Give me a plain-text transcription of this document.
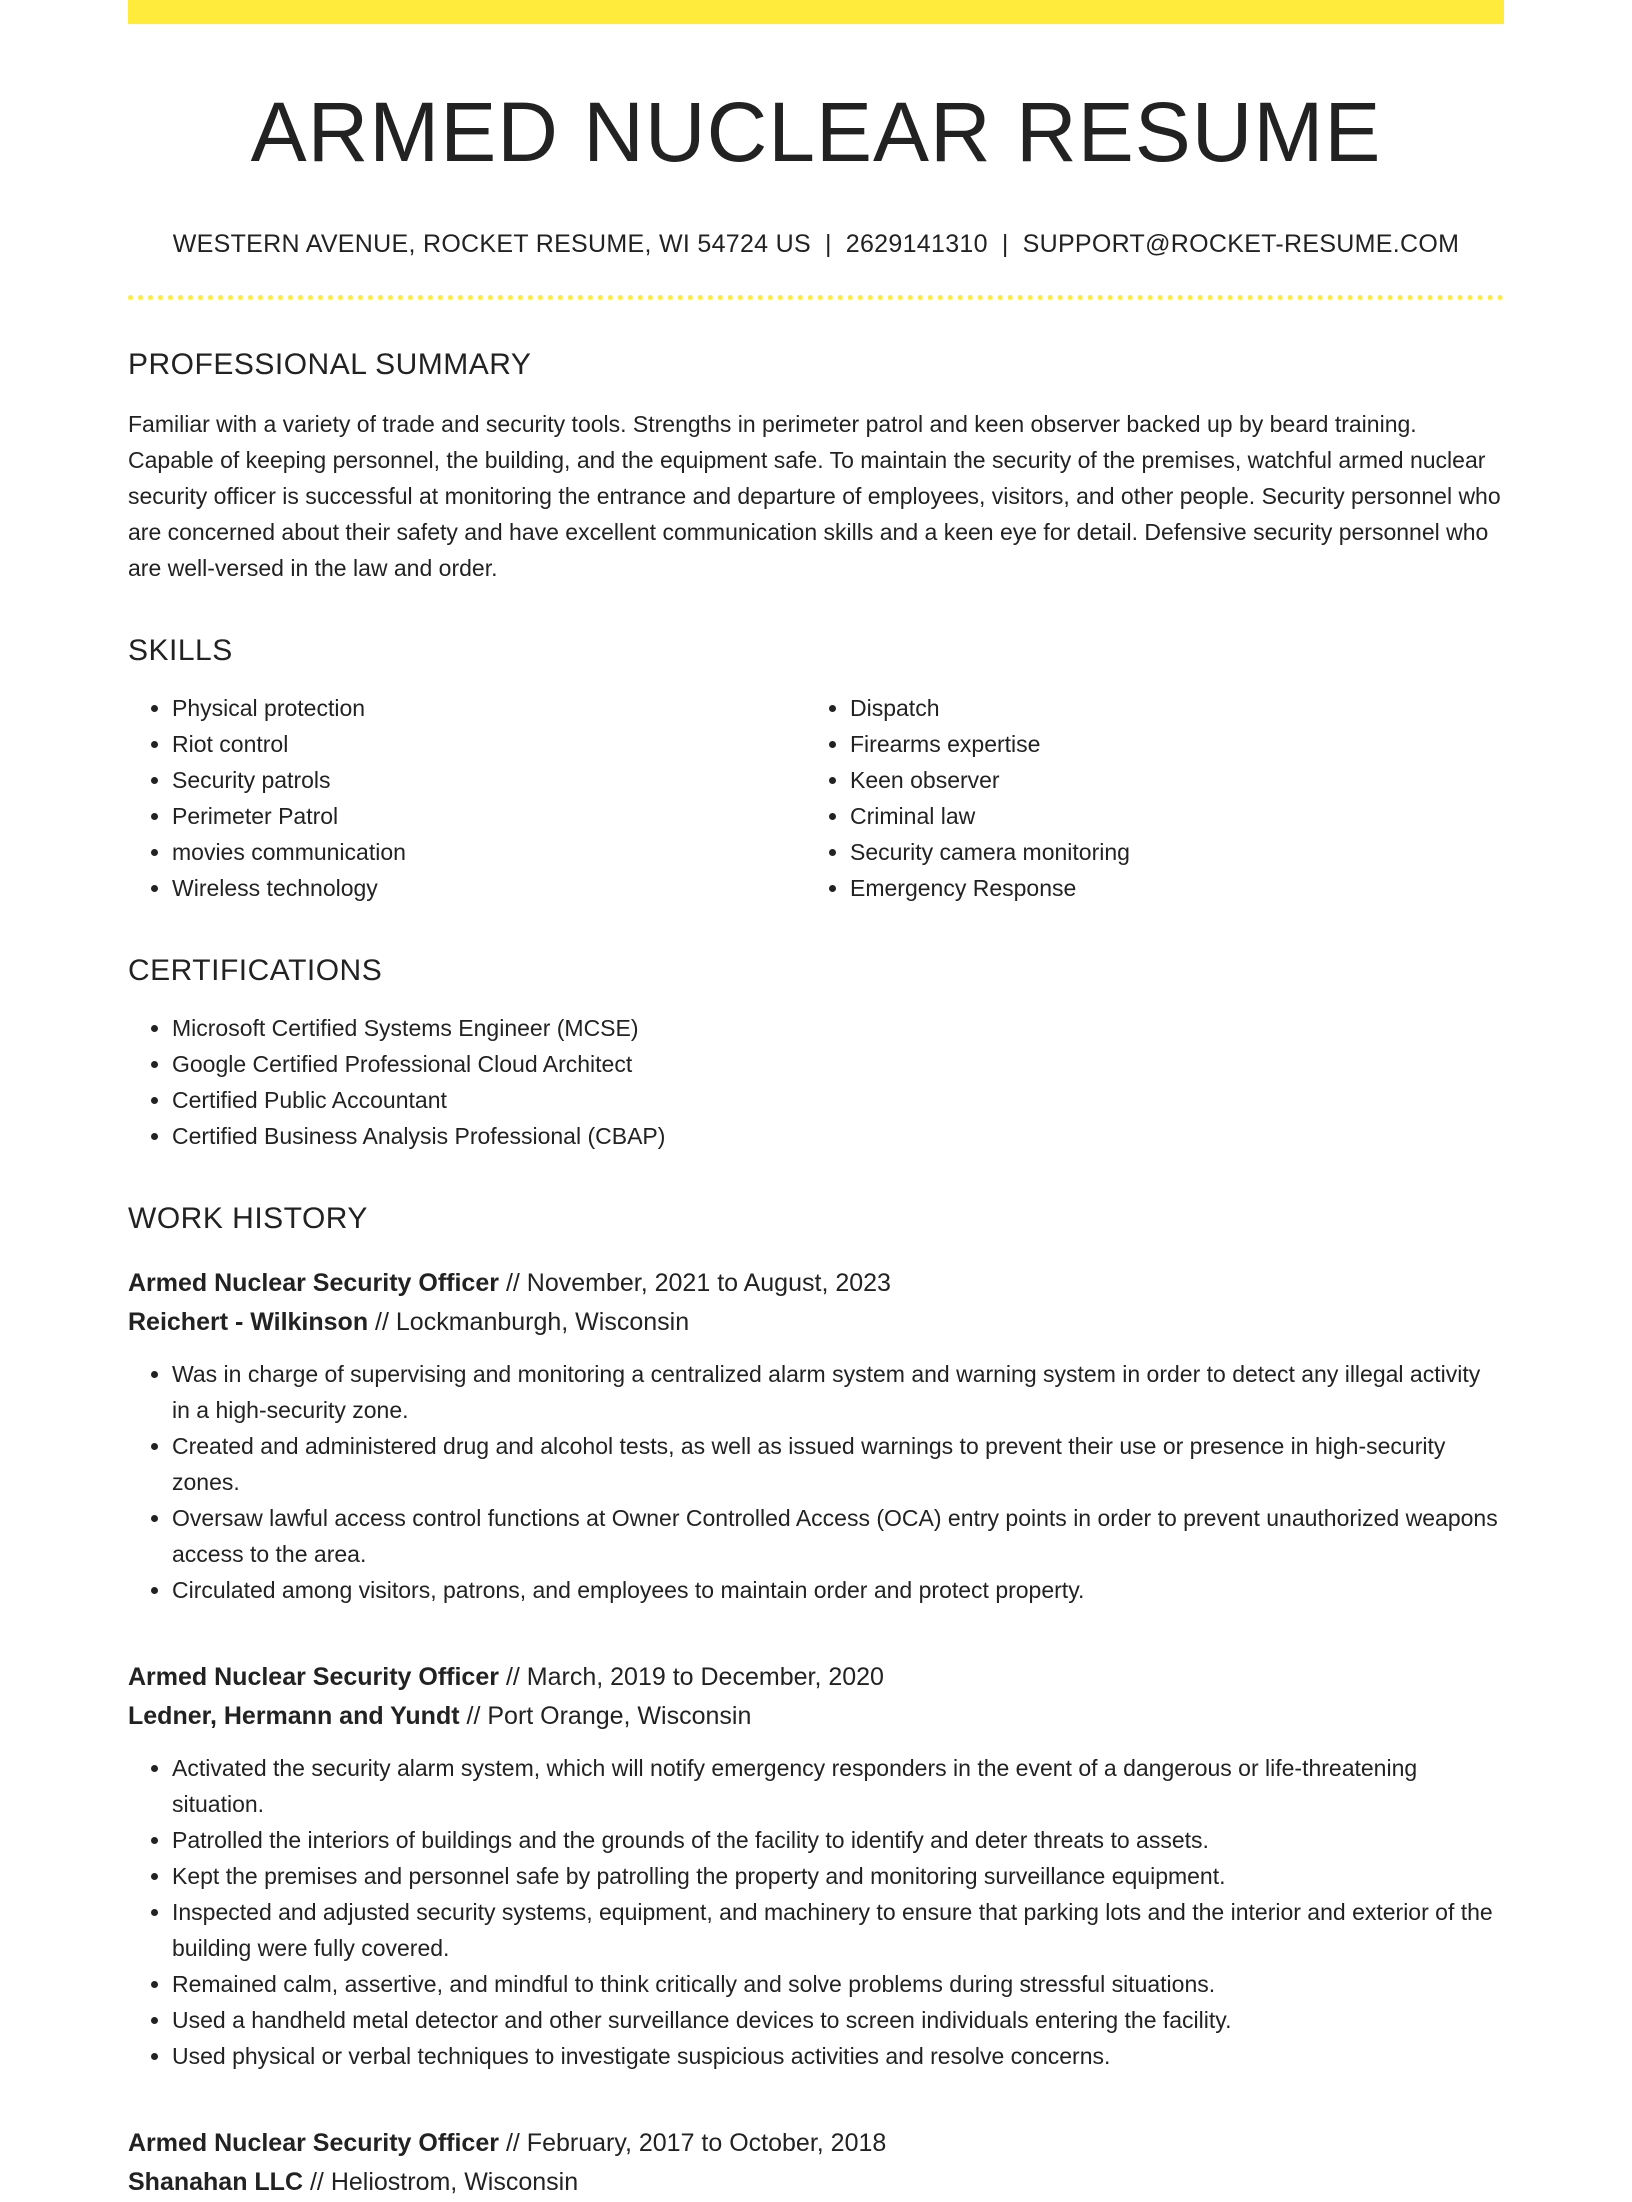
ARMED NUCLEAR RESUME
WESTERN AVENUE, ROCKET RESUME, WI 54724 US | 2629141310 | SUPPORT@ROCKET-RESUME.COM
PROFESSIONAL SUMMARY

Familiar with a variety of trade and security tools. Strengths in perimeter patrol and keen observer backed up by beard training. Capable of keeping personnel, the building, and the equipment safe. To maintain the security of the premises, watchful armed nuclear security officer is successful at monitoring the entrance and departure of employees, visitors, and other people. Security personnel who are concerned about their safety and have excellent communication skills and a keen eye for detail. Defensive security personnel who are well-versed in the law and order.

SKILLS
• Physical protection
• Riot control
• Security patrols
• Perimeter Patrol
• movies communication
• Wireless technology
• Dispatch
• Firearms expertise
• Keen observer
• Criminal law
• Security camera monitoring
• Emergency Response
CERTIFICATIONS
• Microsoft Certified Systems Engineer (MCSE)
• Google Certified Professional Cloud Architect
• Certified Public Accountant
• Certified Business Analysis Professional (CBAP)
WORK HISTORY
Armed Nuclear Security Officer // November, 2021 to August, 2023
Reichert - Wilkinson // Lockmanburgh, Wisconsin
• Was in charge of supervising and monitoring a centralized alarm system and warning system in order to detect any illegal activity in a high-security zone.
• Created and administered drug and alcohol tests, as well as issued warnings to prevent their use or presence in high-security zones.
• Oversaw lawful access control functions at Owner Controlled Access (OCA) entry points in order to prevent unauthorized weapons access to the area.
• Circulated among visitors, patrons, and employees to maintain order and protect property.
Armed Nuclear Security Officer // March, 2019 to December, 2020
Ledner, Hermann and Yundt // Port Orange, Wisconsin
• Activated the security alarm system, which will notify emergency responders in the event of a dangerous or life-threatening situation.
• Patrolled the interiors of buildings and the grounds of the facility to identify and deter threats to assets.
• Kept the premises and personnel safe by patrolling the property and monitoring surveillance equipment.
• Inspected and adjusted security systems, equipment, and machinery to ensure that parking lots and the interior and exterior of the building were fully covered.
• Remained calm, assertive, and mindful to think critically and solve problems during stressful situations.
• Used a handheld metal detector and other surveillance devices to screen individuals entering the facility.
• Used physical or verbal techniques to investigate suspicious activities and resolve concerns.
Armed Nuclear Security Officer // February, 2017 to October, 2018
Shanahan LLC // Heliostrom, Wisconsin
